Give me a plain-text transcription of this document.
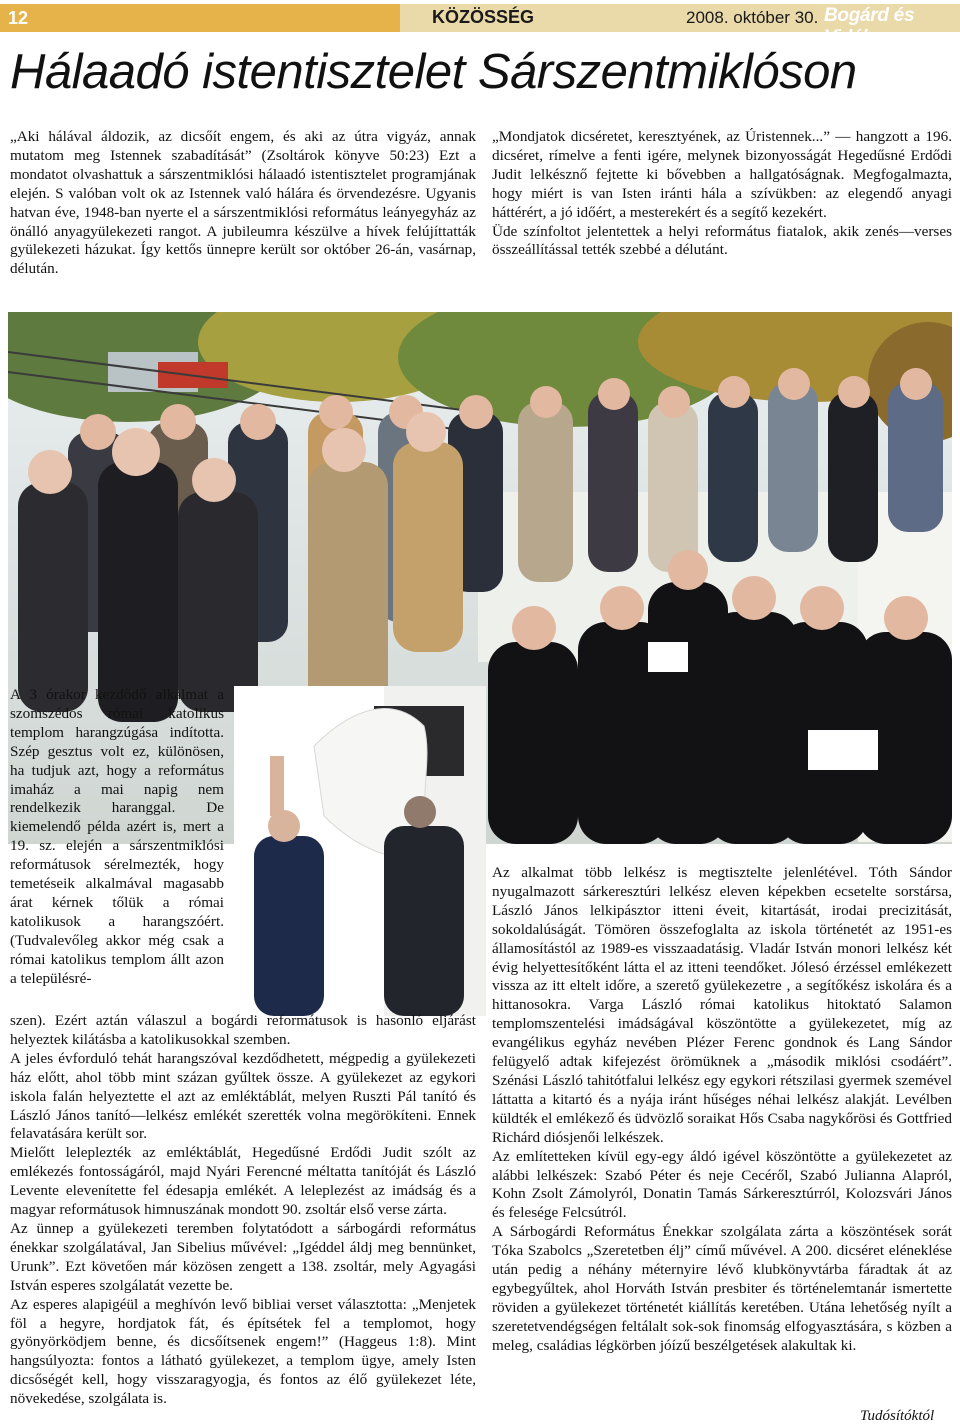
12	KÖZÖSSÉG	2008. október 30. Bogárd és Vidéke
Hálaadó istentisztelet Sárszentmiklóson

„Aki hálával áldozik, az dicsőít engem, és aki az útra vigyáz, annak mutatom meg Istennek szabadítását” (Zsoltárok könyve 50:23) Ezt a mondatot olvashattuk a sárszentmiklósi hálaadó istentisztelet programjának elején. S valóban volt ok az Istennek való hálára és örvendezésre. Ugyanis hatvan éve, 1948-ban nyerte el a sárszentmiklósi református leányegyház az önálló anyagyülekezeti rangot. A jubileumra készülve a hívek felújíttatták gyülekezeti házukat. Így kettős ünnepre került sor október 26-án, vasárnap, délután.

„Mondjatok dicséretet, keresztyének, az Úristennek...” — hangzott a 196. dicséret, rímelve a fenti igére, melynek bizonyosságát Hegedűsné Erdődi Judit lelkésznő fejtette ki bővebben a hallgatóságnak. Megfogalmazta, hogy miért is van Isten iránti hála a szívükben: az elegendő anyagi háttérért, a jó időért, a mesterekért és a segítő kezekért.

Üde színfoltot jelentettek a helyi református fiatalok, akik zenés—verses összeállítással tették szebbé a délutánt.

A 3 órakor kezdődő alkalmat a szomszédos római katolikus templom harangzúgása indította. Szép gesztus volt ez, különösen, ha tudjuk azt, hogy a református imaház a mai napig nem rendelkezik haranggal. De kiemelendő példa azért is, mert a 19. sz. elején a sárszentmiklósi reformátusok sérelmezték, hogy temetéseik alkalmával magasabb árat kérnek tőlük a római katolikusok a harangszóért. (Tudvalevőleg akkor még csak a római katolikus templom állt azon a településré-

szen). Ezért aztán válaszul a bogárdi reformátusok is hasonló eljárást helyeztek kilátásba a katolikusokkal szemben.

A jeles évforduló tehát harangszóval kezdődhetett, mégpedig a gyülekezeti ház előtt, ahol több mint százan gyűltek össze. A gyülekezet az egykori iskola falán helyeztette el azt az emléktáblát, melyen Ruszti Pál tanító és László János tanító—lelkész emlékét szerették volna megörökíteni. Ennek felavatására került sor.

Mielőtt leleplezték az emléktáblát, Hegedűsné Erdődi Judit szólt az emlékezés fontosságáról, majd Nyári Ferencné méltatta tanítóját és László Levente elevenítette fel édesapja emlékét. A leleplezést az imádság és a magyar reformátusok himnuszának mondott 90. zsoltár első verse zárta.

Az ünnep a gyülekezeti teremben folytatódott a sárbogárdi református énekkar szolgálatával, Jan Sibelius művével: „Igéddel áldj meg bennünket, Urunk”. Ezt követően már közösen zengett a 138. zsoltár, mely Agyagási István esperes szolgálatát vezette be.

Az esperes alapigéül a meghívón levő bibliai verset választotta: „Menjetek föl a hegyre, hordjatok fát, és építsétek fel a templomot, hogy gyönyörködjem benne, és dicsőítsenek engem!” (Haggeus 1:8). Mint hangsúlyozta: fontos a látható gyülekezet, a templom ügye, amely Isten dicsőségét kell, hogy visszaragyogja, és fontos az élő gyülekezet léte, növekedése, szolgálata is.

Az alkalmat több lelkész is megtisztelte jelenlétével. Tóth Sándor nyugalmazott sárkeresztúri lelkész eleven képekben ecsetelte sorstársa, László János lelkipásztor itteni éveit, kitartását, irodai precizitását, sokoldalúságát. Tömören összefoglalta az iskola történetét az 1951-es államosítástól az 1989-es visszaadatásig. Vladár István monori lelkész két évig helyettesítőként látta el az itteni teendőket. Jólesó érzéssel emlékezett vissza az itt eltelt időre, a szerető gyülekezetre , a segítőkész iskolára és a hittanosokra. Varga László római katolikus hitoktató Salamon templomszentelési imádságával köszöntötte a gyülekezetet, míg az evangélikus egyház nevében Plézer Ferenc gondnok és Lang Sándor felügyelő adtak kifejezést örömüknek a „második miklósi csodáért”. Szénási László tahitótfalui lelkész egy egykori rétszilasi gyermek szemével láttatta a kitartó és a nyája iránt hűséges néhai lelkész alakját. Levélben küldték el emlékező és üdvözlő soraikat Hős Csaba nagykőrösi és Gottfried Richárd diósjenői lelkészek.

Az említetteken kívül egy-egy áldó igével köszöntötte a gyülekezetet az alábbi lelkészek: Szabó Péter és neje Cecéről, Szabó Julianna Alapról, Kohn Zsolt Zámolyról, Donatin Tamás Sárkeresztúrról, Kolozsvári János és felesége Felcsútról.

A Sárbogárdi Református Énekkar szolgálata zárta a köszöntések sorát Tóka Szabolcs „Szeretetben élj” című művével. A 200. dicséret eléneklése után pedig a néhány méternyire lévő klubkönyvtárba fáradtak át az egybegyűltek, ahol Horváth István presbiter és történelemtanár ismertette röviden a gyülekezet történetét kiállítás keretében. Utána lehetőség nyílt a szeretetvendégségen feltálalt sok-sok finomság elfogyasztására, s közben a meleg, családias légkörben jóízű beszélgetések alakultak ki.

Tudósítóktól
